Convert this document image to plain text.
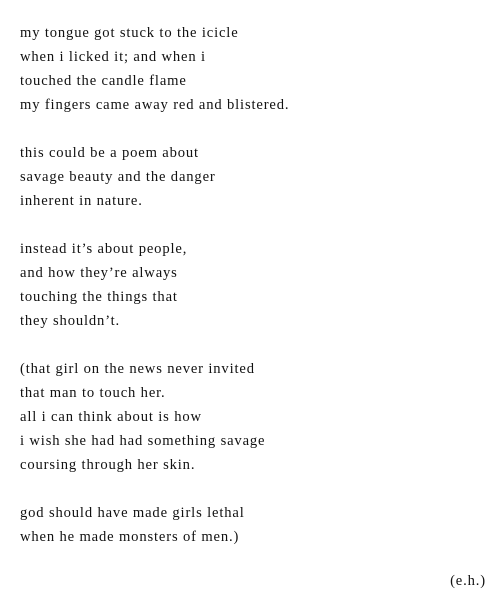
my tongue got stuck to the icicle
when i licked it; and when i
touched the candle flame
my fingers came away red and blistered.
this could be a poem about
savage beauty and the danger
inherent in nature.
instead it’s about people,
and how they’re always
touching the things that
they shouldn’t.
(that girl on the news never invited
that man to touch her.
all i can think about is how
i wish she had had something savage
coursing through her skin.
god should have made girls lethal
when he made monsters of men.)
(e.h.)
